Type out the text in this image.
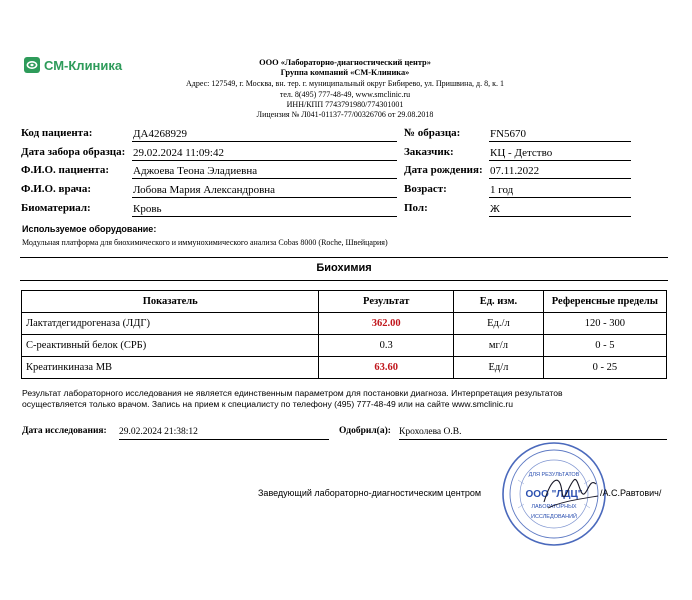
СМ-Клиника	ООО «Лабораторно-диагностический центр»
Группа компаний «СМ-Клиника»
Адрес: 127549, г. Москва, вн. тер. г. муниципальный округ Бибирево, ул. Пришвина, д. 8, к. 1
тел. 8(495) 777-48-49, www.smclinic.ru
ИНН/КПП 7743791980/774301001
Лицензия № Л041-01137-77/00326706 от 29.08.2018
Код пациента:	ДА4268929
Дата забора образца: 29.02.2024 11:09:42
Ф.И.О. пациента: Аджоева Теона Эладиевна
Ф.И.О. врача:	Лобова Мария Александровна
Биоматериал:	Кровь
№ образца:	FN5670
Заказчик:	КЦ - Детство
Дата рождения: 07.11.2022
Возраст:	1 год
Пол:	Ж
Используемое оборудование:
Модульная платформа для биохимического и иммунохимического анализа Cobas 8000 (Roche, Швейцария)
Биохимия
Показатель	Результат	Ед. изм.	Референсные пределы
Лактатдегидрогеназа (ЛДГ)	362.00	Ед./л	120 - 300
С-реактивный белок (СРБ)	0.3	мг/л	0 - 5
Креатинкиназа МВ	63.60	Ед/л	0 - 25
Результат лабораторного исследования не является единственным параметром для постановки диагноза. Интерпретация результатов
осуществляется только врачом. Запись на прием к специалисту по телефону (495) 777-48-49 или на сайте www.smclinic.ru
Дата исследования: 29.02.2024 21:38:12	Одобрил(а): Крохолева О.В.
Заведующий лабораторно-диагностическим центром
ДЛЯ РЕЗУЛЬТАТОВ
ООО "ЛДЦ"
ЛАБОРАТОРНЫХ
ИССЛЕДОВАНИЙ
/А.С.Равтович/
